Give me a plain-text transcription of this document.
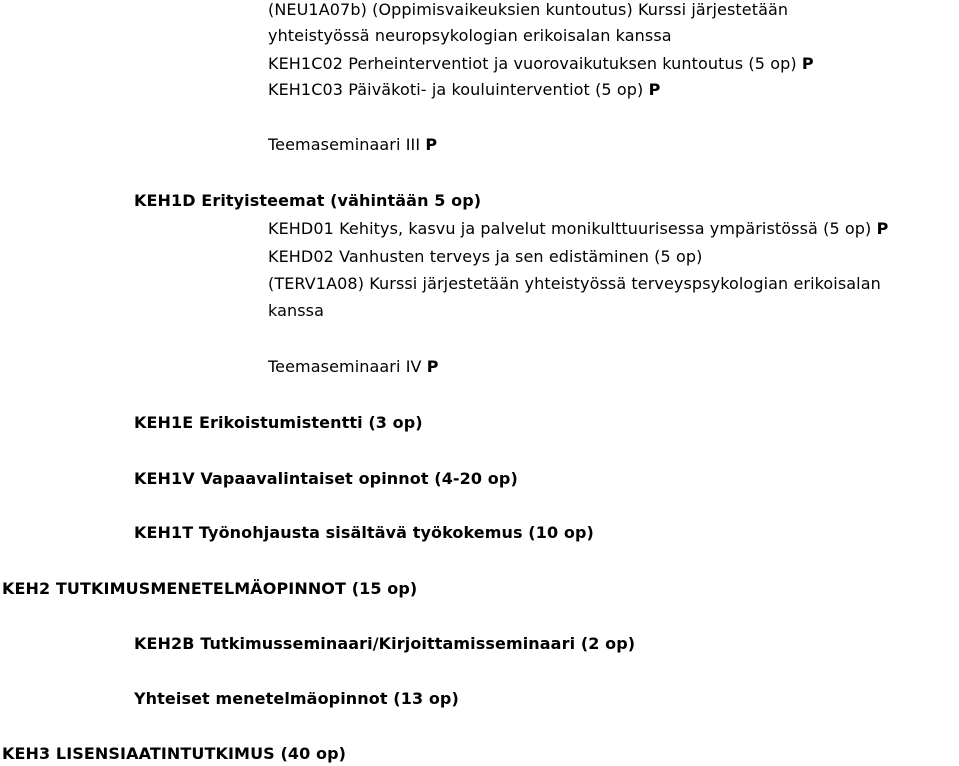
(NEU1A07b) (Oppimisvaikeuksien kuntoutus) Kurssi järjestetään
yhteistyössä neuropsykologian erikoisalan kanssa
KEH1C02 Perheinterventiot ja vuorovaikutuksen kuntoutus (5 op) P
KEH1C03 Päiväkoti- ja kouluinterventiot (5 op) P
Teemaseminaari III P
KEH1D Erityisteemat (vähintään 5 op)
KEHD01 Kehitys, kasvu ja palvelut monikulttuurisessa ympäristössä (5 op) P
KEHD02 Vanhusten terveys ja sen edistäminen (5 op)
(TERV1A08) Kurssi järjestetään yhteistyössä terveyspsykologian erikoisalan
kanssa
Teemaseminaari IV P
KEH1E Erikoistumistentti (3 op)
KEH1V Vapaavalintaiset opinnot (4-20 op)
KEH1T Työnohjausta sisältävä työkokemus (10 op)
KEH2 TUTKIMUSMENETELMÄOPINNOT (15 op)
KEH2B Tutkimusseminaari/Kirjoittamisseminaari (2 op)
Yhteiset menetelmäopinnot (13 op)
KEH3 LISENSIAATINTUTKIMUS (40 op)
